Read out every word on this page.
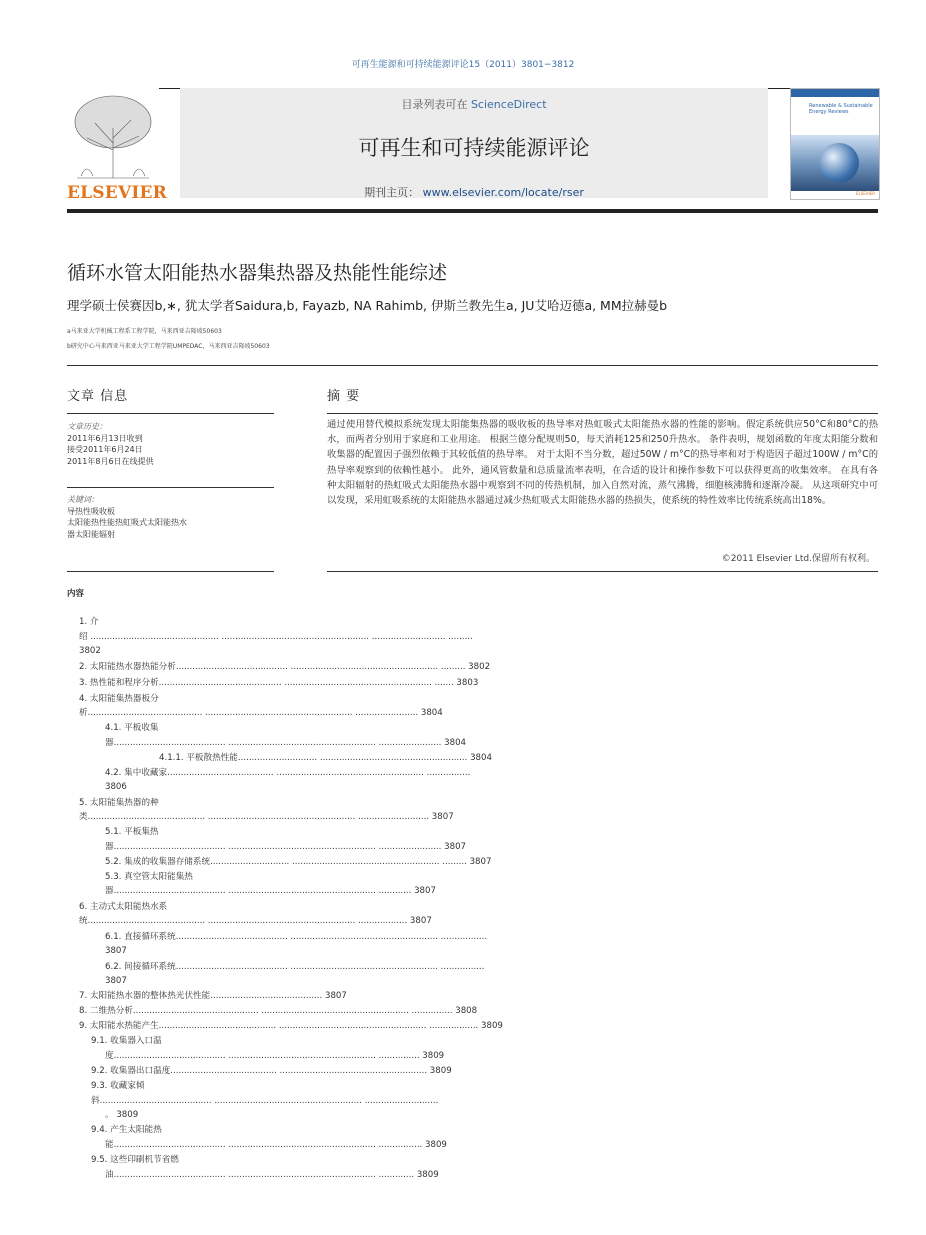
可再生能源和可持续能源评论15（2011）3801−3812
ELSEVIER
目录列表可在 ScienceDirect
可再生和可持续能源评论
期刊主页： www.elsevier.com/locate/rser
Renewable & Sustainable Energy Reviews
ELSEVIER
循环水管太阳能热水器集热器及热能性能综述
理学硕士侯赛因b,∗, 犹太学者Saidura,b, Fayazb, NA Rahimb, 伊斯兰教先生a, JU艾哈迈德a, MM拉赫曼b
a马来亚大学机械工程系工程学院，马来西亚吉隆坡50603
b研究中心马来西亚马来亚大学工程学院UMPEDAC，马来西亚吉隆坡50603
文章 信息
文章历史：
2011年6月13日收到
接受2011年6月24日
2011年8月6日在线提供
关键词：
导热性吸收板
太阳能热性能热虹吸式太阳能热水
器太阳能辐射
摘 要
通过使用替代模拟系统发现太阳能集热器的吸收板的热导率对热虹吸式太阳能热水器的性能的影响。假定系统供应50°C和80°C的热水，而两者分别用于家庭和工业用途。 根据兰德分配规则50，每天消耗125和250升热水。 条件表明，规划函数的年度太阳能分数和收集器的配置因子强烈依赖于其较低值的热导率。 对于太阳不当分数，超过50W / m°C的热导率和对于构造因子超过100W / m°C的热导率观察到的依赖性越小。 此外，通风管数量和总质量流率表明，在合适的设计和操作参数下可以获得更高的收集效率。 在具有各种太阳辐射的热虹吸式太阳能热水器中观察到不同的传热机制，加入自然对流，蒸气沸腾，细胞核沸腾和逐渐冷凝。 从这项研究中可以发现，采用虹吸系统的太阳能热水器通过减少热虹吸式太阳能热水器的热损失，使系统的特性效率比传统系统高出18%。
©2011 Elsevier Ltd.保留所有权利。
内容
1. 介
绍 ............................................... ...................................................... ........................... .........
3802
2. 太阳能热水器热能分析......................................... ...................................................... ......... 3802
3. 热性能和程序分析............................................. ...................................................... ....... 3803
4. 太阳能集热器板分
析.......................................... ...................................................... ....................... 3804
4.1. 平板收集
器......................................... ...................................................... ....................... 3804
4.1.1. 平板散热性能............................. ...................................................... 3804
4.2. 集中收藏家....................................... ...................................................... ................
3806
5. 太阳能集热器的种
类........................................... ...................................................... .......................... 3807
5.1. 平板集热
器......................................... ...................................................... ....................... 3807
5.2. 集成的收集器存储系统............................. ...................................................... ......... 3807
5.3. 真空管太阳能集热
器......................................... ...................................................... ............ 3807
6. 主动式太阳能热水系
统........................................... ...................................................... .................. 3807
6.1. 直接循环系统......................................... ...................................................... .................
3807
6.2. 间接循环系统......................................... ...................................................... ................
3807
7. 太阳能热水器的整体热光伏性能......................................... 3807
8. 二维热分析.............................................. ...................................................... ............... 3808
9. 太阳能水热能产生........................................... ...................................................... .................. 3809
9.1. 收集器入口温
度......................................... ...................................................... ............... 3809
9.2. 收集器出口温度....................................... ...................................................... 3809
9.3. 收藏家倾
斜......................................... ...................................................... ...........................
。 3809
9.4. 产生太阳能热
能......................................... ...................................................... ................ 3809
9.5. 这些印刷机节省燃
油......................................... ...................................................... ............. 3809
